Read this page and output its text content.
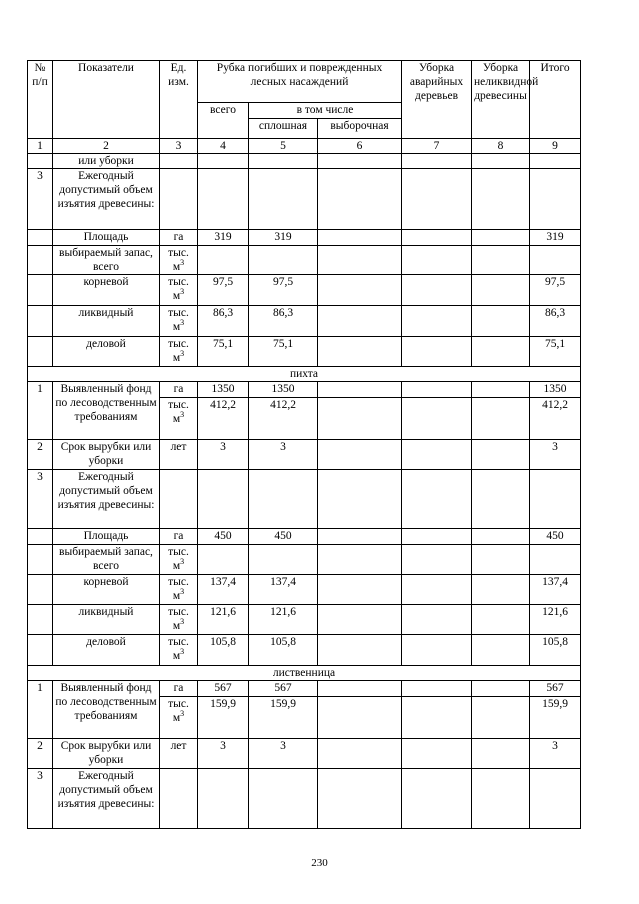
№ п/п	Показатели	Ед. изм.	Рубка погибших и поврежденных лесных насаждений			Уборка аварийных деревьев	Уборка неликвидной древесины	Итого
			всего	в том числе				
				сплошная	выборочная			
1	2	3	4	5	6	7	8	9
	или уборки							
3	Ежегодный допустимый объем изъятия древесины:							
	Площадь	га	319	319				319
	выбираемый запас, всего	тыс. $м^3$						
	корневой	тыс. $м^3$	97,5	97,5				97,5
	ликвидный	тыс. $м^3$	86,3	86,3				86,3
	деловой	тыс. $м^3$	75,1	75,1				75,1
пихта								
1	Выявленный фонд по лесоводственным требованиям	га	1350	1350				1350
		тыс. $м^3$	412,2	412,2				412,2
2	Срок вырубки или уборки	лет	3	3				3
3	Ежегодный допустимый объем изъятия древесины:							
	Площадь	га	450	450				450
	выбираемый запас, всего	тыс. $м^3$						
	корневой	тыс. $м^3$	137,4	137,4				137,4
	ликвидный	тыс. $м^3$	121,6	121,6				121,6
	деловой	тыс. $м^3$	105,8	105,8				105,8
лиственница								
1	Выявленный фонд по лесоводственным требованиям	га	567	567				567
		тыс. $м^3$	159,9	159,9				159,9
2	Срок вырубки или уборки	лет	3	3				3
3	Ежегодный допустимый объем изъятия древесины:							
230
